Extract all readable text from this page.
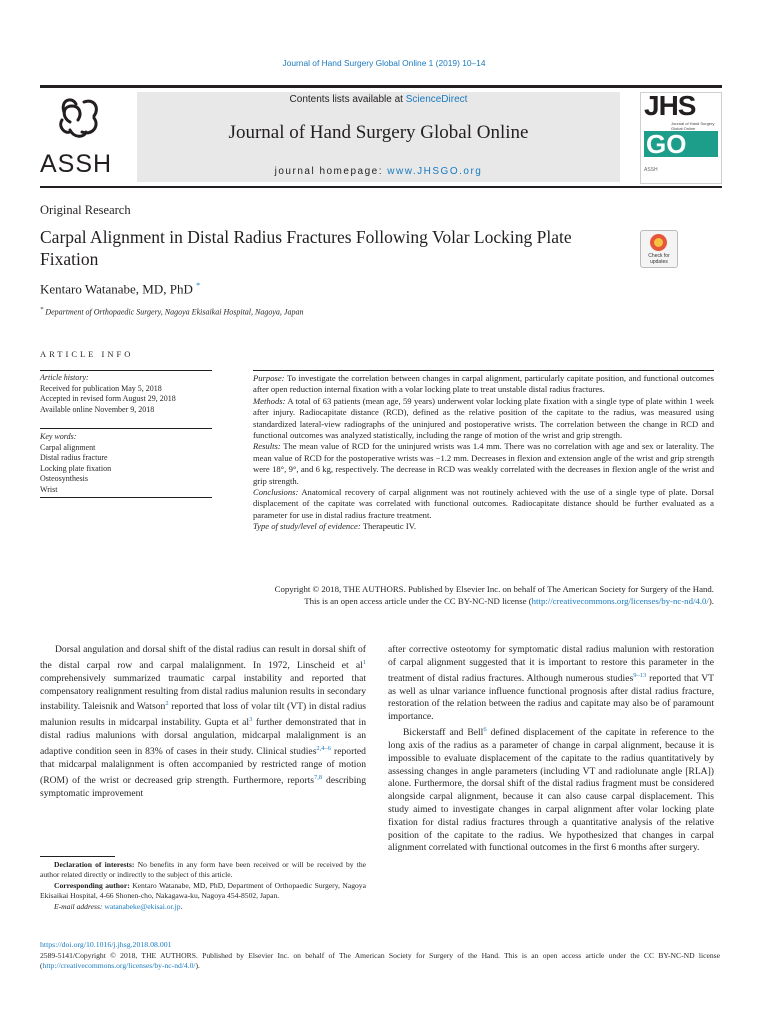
Journal of Hand Surgery Global Online 1 (2019) 10–14
ASSH
Contents lists available at ScienceDirect
Journal of Hand Surgery Global Online
journal homepage: www.JHSGO.org
JHS
Journal of Hand Surgery Global Online
GO
ASSH
Original Research
Carpal Alignment in Distal Radius Fractures Following Volar Locking Plate Fixation	Check for updates
Kentaro Watanabe, MD, PhD *
* Department of Orthopaedic Surgery, Nagoya Ekisaikai Hospital, Nagoya, Japan
ARTICLE INFO
Article history:
Received for publication May 5, 2018
Accepted in revised form August 29, 2018
Available online November 9, 2018
Key words:
Carpal alignment
Distal radius fracture
Locking plate fixation
Osteosynthesis
Wrist

Purpose: To investigate the correlation between changes in carpal alignment, particularly capitate position, and functional outcomes after open reduction internal fixation with a volar locking plate to treat unstable distal radius fractures.

Methods: A total of 63 patients (mean age, 59 years) underwent volar locking plate fixation with a single type of plate within 1 week after injury. Radiocapitate distance (RCD), defined as the relative position of the capitate to the radius, was measured using standardized lateral-view radiographs of the uninjured and postoperative wrists. The correlation between the change in RCD and functional outcomes was analyzed statistically, including the range of motion of the wrist and grip strength.

Results: The mean value of RCD for the uninjured wrists was 1.4 mm. There was no correlation with age and sex or laterality. The mean value of RCD for the postoperative wrists was −1.2 mm. Decreases in flexion and extension angle of the wrist and grip strength were 18°, 9°, and 6 kg, respectively. The decrease in RCD was weakly correlated with the decreases in flexion angle of the wrist and grip strength.

Conclusions: Anatomical recovery of carpal alignment was not routinely achieved with the use of a single type of plate. Dorsal displacement of the capitate was correlated with functional outcomes. Radiocapitate distance should be further evaluated as a parameter for use in distal radius fracture treatment.

Type of study/level of evidence: Therapeutic IV.

Copyright © 2018, THE AUTHORS. Published by Elsevier Inc. on behalf of The American Society for Surgery of the Hand.
This is an open access article under the CC BY-NC-ND license (http://creativecommons.org/licenses/by-nc-nd/4.0/).

Dorsal angulation and dorsal shift of the distal radius can result in dorsal shift of the distal carpal row and carpal malalignment. In 1972, Linscheid et $al^1$ comprehensively summarized traumatic carpal instability and reported that compensatory realignment resulting from distal radius malunion results in secondary instability. Taleisnik and Watson$^2$ reported that loss of volar tilt (VT) in distal radius malunion results in midcarpal instability. Gupta et $al^3$ further demonstrated that in distal radius malunions with dorsal angulation, midcarpal malalignment is an adaptive condition seen in 83% of cases in their study. Clinical studies$^{2,4-6}$ reported that midcarpal malalignment is often accompanied by restricted range of motion (ROM) of the wrist or decreased grip strength. Furthermore, reports$^{7,8}$ describing symptomatic improvement

after corrective osteotomy for symptomatic distal radius malunion with restoration of carpal alignment suggested that it is important to restore this parameter in the treatment of distal radius fractures. Although numerous studies$^{9-13}$ reported that VT as well as ulnar variance influence functional prognosis after distal radius fracture, restoration of the relation between the radius and capitate may also be of paramount importance.

Bickerstaff and Bell$^6$ defined displacement of the capitate in reference to the long axis of the radius as a parameter of change in carpal alignment, because it is impossible to evaluate displacement of the capitate to the radius quantitatively by assessing changes in angle parameters (including VT and radiolunate angle [RLA]) alone. Furthermore, the dorsal shift of the distal radius fragment must be considered alongside carpal alignment, because it can also cause carpal displacement. This study aimed to investigate changes in carpal alignment after volar locking plate fixation for distal radius fractures through a quantitative analysis of the relative position of the capitate to the radius. We hypothesized that changes in carpal alignment correlated with functional outcomes in the first 6 months after surgery.

Declaration of interests: No benefits in any form have been received or will be received by the author related directly or indirectly to the subject of this article.

Corresponding author: Kentaro Watanabe, MD, PhD, Department of Orthopaedic Surgery, Nagoya Ekisaikai Hospital, 4-66 Shonen-cho, Nakagawa-ku, Nagoya 454-8502, Japan.

E-mail address: watanabeke@ekisai.or.jp.

https://doi.org/10.1016/j.jhsg.2018.08.001
2589-5141/Copyright © 2018, THE AUTHORS. Published by Elsevier Inc. on behalf of The American Society for Surgery of the Hand. This is an open access article under the CC BY-NC-ND license (http://creativecommons.org/licenses/by-nc-nd/4.0/).
